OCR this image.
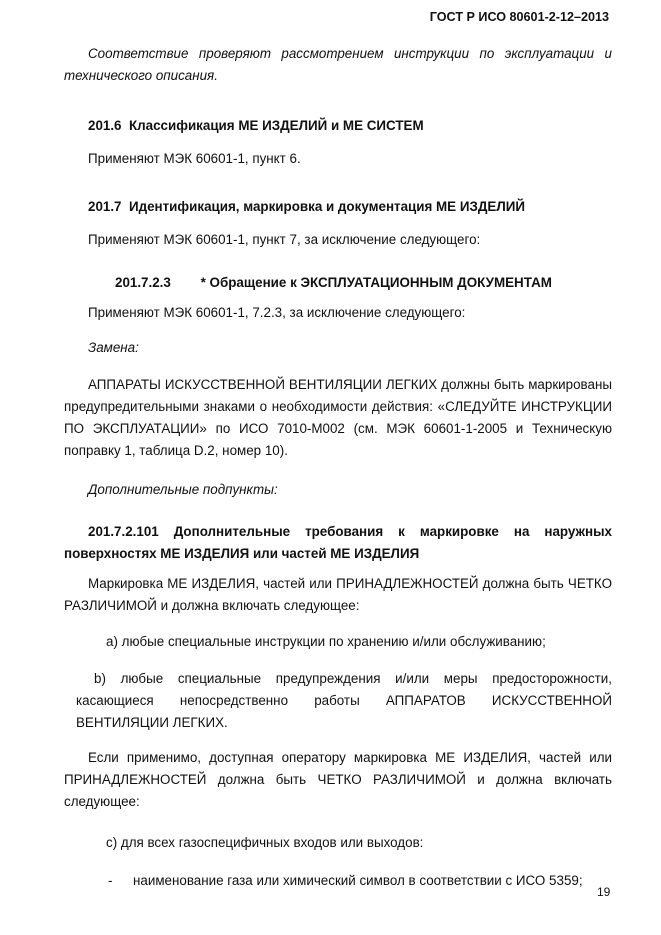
ГОСТ Р ИСО 80601-2-12–2013
Соответствие проверяют рассмотрением инструкции по эксплуатации и технического описания.
201.6 Классификация МЕ ИЗДЕЛИЙ и МЕ СИСТЕМ
Применяют МЭК 60601-1, пункт 6.
201.7 Идентификация, маркировка и документация МЕ ИЗДЕЛИЙ
Применяют МЭК 60601-1, пункт 7, за исключение следующего:
201.7.2.3 * Обращение к ЭКСПЛУАТАЦИОННЫМ ДОКУМЕНТАМ
Применяют МЭК 60601-1, 7.2.3, за исключение следующего:
Замена:
АППАРАТЫ ИСКУССТВЕННОЙ ВЕНТИЛЯЦИИ ЛЕГКИХ должны быть маркированы предупредительными знаками о необходимости действия: «СЛЕДУЙТЕ ИНСТРУКЦИИ ПО ЭКСПЛУАТАЦИИ» по ИСО 7010-М002 (см. МЭК 60601-1-2005 и Техническую поправку 1, таблица D.2, номер 10).
Дополнительные подпункты:
201.7.2.101 Дополнительные требования к маркировке на наружных поверхностях МЕ ИЗДЕЛИЯ или частей МЕ ИЗДЕЛИЯ
Маркировка МЕ ИЗДЕЛИЯ, частей или ПРИНАДЛЕЖНОСТЕЙ должна быть ЧЕТКО РАЗЛИЧИМОЙ и должна включать следующее:
a) любые специальные инструкции по хранению и/или обслуживанию;
b) любые специальные предупреждения и/или меры предосторожности,
касающиеся непосредственно работы АППАРАТОВ ИСКУССТВЕННОЙ ВЕНТИЛЯЦИИ ЛЕГКИХ.
Если применимо, доступная оператору маркировка МЕ ИЗДЕЛИЯ, частей или ПРИНАДЛЕЖНОСТЕЙ должна быть ЧЕТКО РАЗЛИЧИМОЙ и должна включать следующее:
c) для всех газоспецифичных входов или выходов:
- наименование газа или химический символ в соответствии с ИСО 5359;
19
